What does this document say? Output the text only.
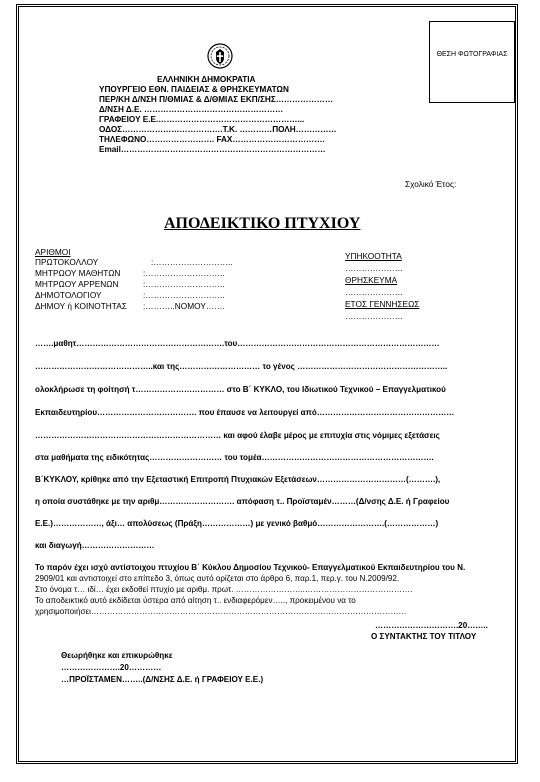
ΘΕΣΗ ΦΩΤΟΓΡΑΦΙΑΣ
ΕΛΛΗΝΙΚΗ ΔΗΜΟΚΡΑΤΙΑ
ΥΠΟΥΡΓΕΙΟ ΕΘΝ. ΠΑΙΔΕΙΑΣ & ΘΡΗΣΚΕΥΜΑΤΩΝ
ΠΕΡ/ΚΗ Δ/ΝΣΗ Π/ΘΜΙΑΣ & Δ/ΘΜΙΑΣ ΕΚΠ/ΣΗΣ…………………
Δ/ΝΣΗ Δ.Ε. ……………………………………………
ΓΡΑΦΕΙΟΥ Ε.Ε.……………………………………………...
ΟΔΟΣ……………………………….Τ.Κ. …………ΠΟΛΗ……………
ΤΗΛΕΦΩΝΟ……………………. FAX…………………………….
Email…………………………………………………………………
Σχολικό Έτος:
ΑΠΟΔΕΙΚΤΙΚΟ ΠΤΥΧΙΟΥ
ΑΡΙΘΜΟΙ
ΠΡΩΤΟΚΟΛΛΟΥ	:………………………..
ΜΗΤΡΩΟΥ ΜΑΘΗΤΩΝ	:………………………..
ΜΗΤΡΩΟΥ ΑΡΡΕΝΩΝ	:………………………..
ΔΗΜΟΤΟΛΟΓΙΟΥ	:………………………..
ΔΗΜΟΥ ή ΚΟΙΝΟΤΗΤΑΣ :………..ΝΟΜΟΥ…….
ΥΠΗΚΟΟΤΗΤΑ
…………………
ΘΡΗΣΚΕΥΜΑ
…………………
ΕΤΟΣ ΓΕΝΝΗΣΕΩΣ
…………………
…….μαθητ……………………………………………….του…………………………………………………………………
……………………………………..και της………………………… το γένος ………………………………………………..
ολοκλήρωσε τη φοίτησή τ…………………………… στο Β΄ ΚΥΚΛΟ, του Ιδιωτικού Τεχνικού – Επαγγελματικού
Εκπαιδευτηρίου………………………………. που έπαυσε να λειτουργεί από……………………………………………
…………………………………………………………… και αφού έλαβε μέρος με επιτυχία στις νόμιμες εξετάσεις
στα μαθήματα της ειδικότητας……………………… του τομέα……………………………………………………….
Β΄ΚΥΚΛΟΥ, κρίθηκε από την Εξεταστική Επιτροπή Πτυχιακών Εξετάσεων……………………………(……….),
η οποία συστάθηκε με την αριθμ………………………. απόφαση τ.. Προϊσταμέν………(Δ/νσης Δ.Ε. ή Γραφείου
Ε.Ε.)………………, άξι… απολύσεως (Πράξη………………) με γενικό βαθμό…………………….(………………)
και διαγωγή………………………
Το παρόν έχει ισχύ αντίστοιχου πτυχίου Β΄ Κύκλου Δημοσίου Τεχνικού- Επαγγελματικού Εκπαιδευτηρίου του Ν.
2909/01 και αντιστοιχεί στο επίπεδο 3, όπως αυτό ορίζεται στο άρθρο 6, παρ.1, περ.γ. του Ν.2009/92.
Στο όνομα τ… ιδί… έχει εκδοθεί πτυχίο με αριθμ. πρωτ. ……………………..………………………………….
Το αποδεικτικό αυτό εκδίδεται ύστερα από αίτηση τ.. ενδιαφερόμεν….., προκειμένου να το
χρησιμοποιήσει………………………………………………………………………………………………………
………………………….20……..
Ο ΣΥΝΤΑΚΤΗΣ ΤΟΥ ΤΙΤΛΟΥ
Θεωρήθηκε και επικυρώθηκε
………………….20…………
…ΠΡΟΪΣΤΑΜΕΝ……..(Δ/ΝΣΗΣ Δ.Ε. ή ΓΡΑΦΕΙΟΥ Ε.Ε.)
